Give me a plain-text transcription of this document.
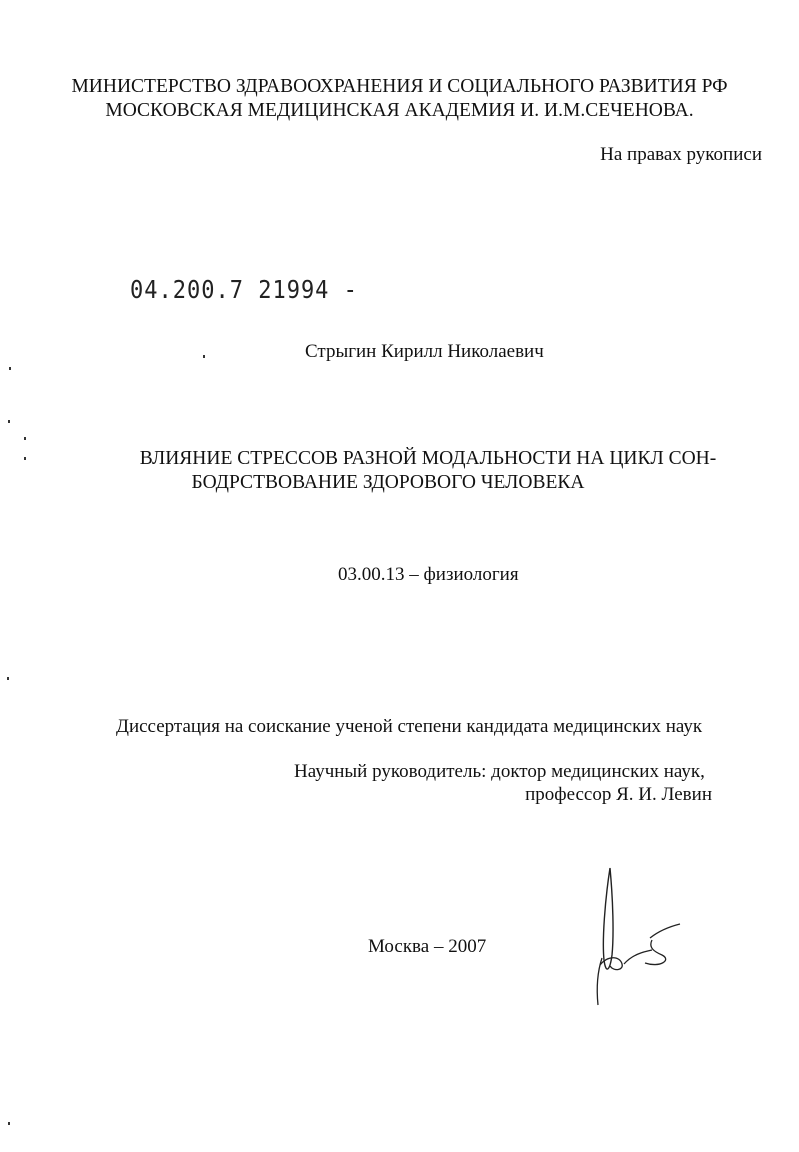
МИНИСТЕРСТВО ЗДРАВООХРАНЕНИЯ И СОЦИАЛЬНОГО РАЗВИТИЯ РФ
МОСКОВСКАЯ МЕДИЦИНСКАЯ АКАДЕМИЯ И. И.М.СЕЧЕНОВА.
На правах рукописи
04.200.7 21994 -
Стрыгин Кирилл Николаевич
ВЛИЯНИЕ СТРЕССОВ РАЗНОЙ МОДАЛЬНОСТИ НА ЦИКЛ СОН-
БОДРСТВОВАНИЕ ЗДОРОВОГО ЧЕЛОВЕКА
03.00.13 – физиология
Диссертация на соискание ученой степени кандидата медицинских наук
Научный руководитель: доктор медицинских наук,
профессор Я. И. Левин
Москва – 2007
